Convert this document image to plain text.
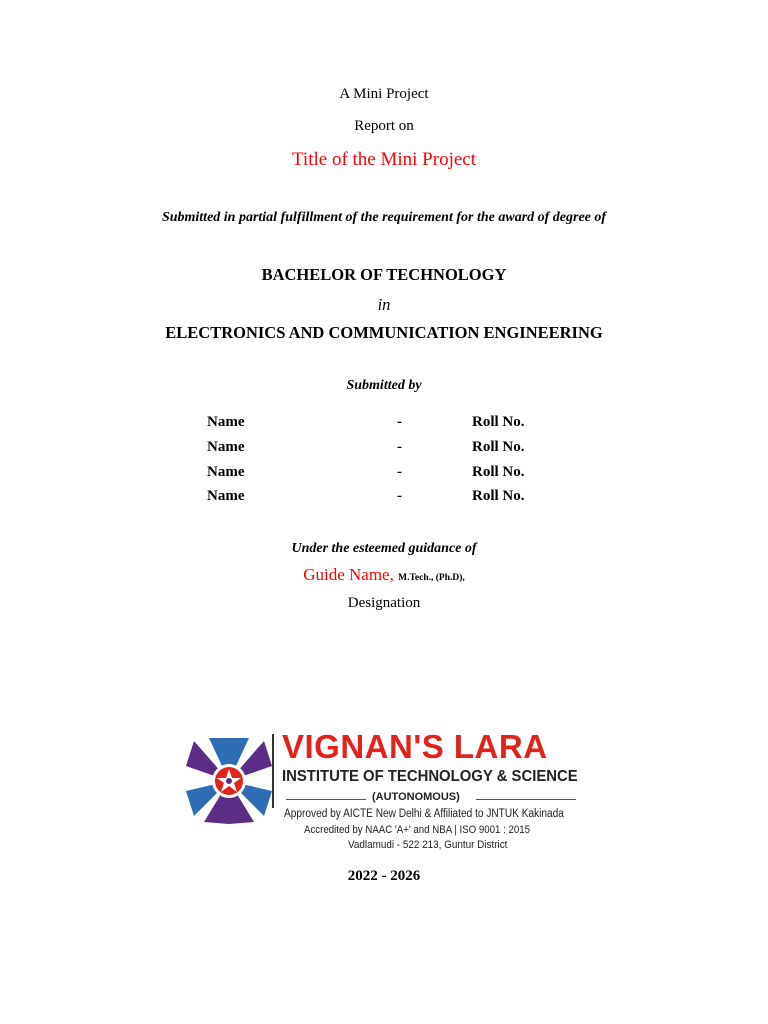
A Mini Project
Report on
Title of the Mini Project
Submitted in partial fulfillment of the requirement for the award of degree of
BACHELOR OF TECHNOLOGY
in
ELECTRONICS AND COMMUNICATION ENGINEERING
Submitted by
Name	-	Roll No.
Name	-	Roll No.
Name	-	Roll No.
Name	-	Roll No.
Under the esteemed guidance of
Guide Name, M.Tech., (Ph.D),
Designation
VIGNAN'S LARA
INSTITUTE OF TECHNOLOGY & SCIENCE
(AUTONOMOUS)
Approved by AICTE New Delhi & Affiliated to JNTUK Kakinada
Accredited by NAAC 'A+' and NBA | ISO 9001 : 2015
Vadlamudi - 522 213, Guntur District
2022 - 2026
